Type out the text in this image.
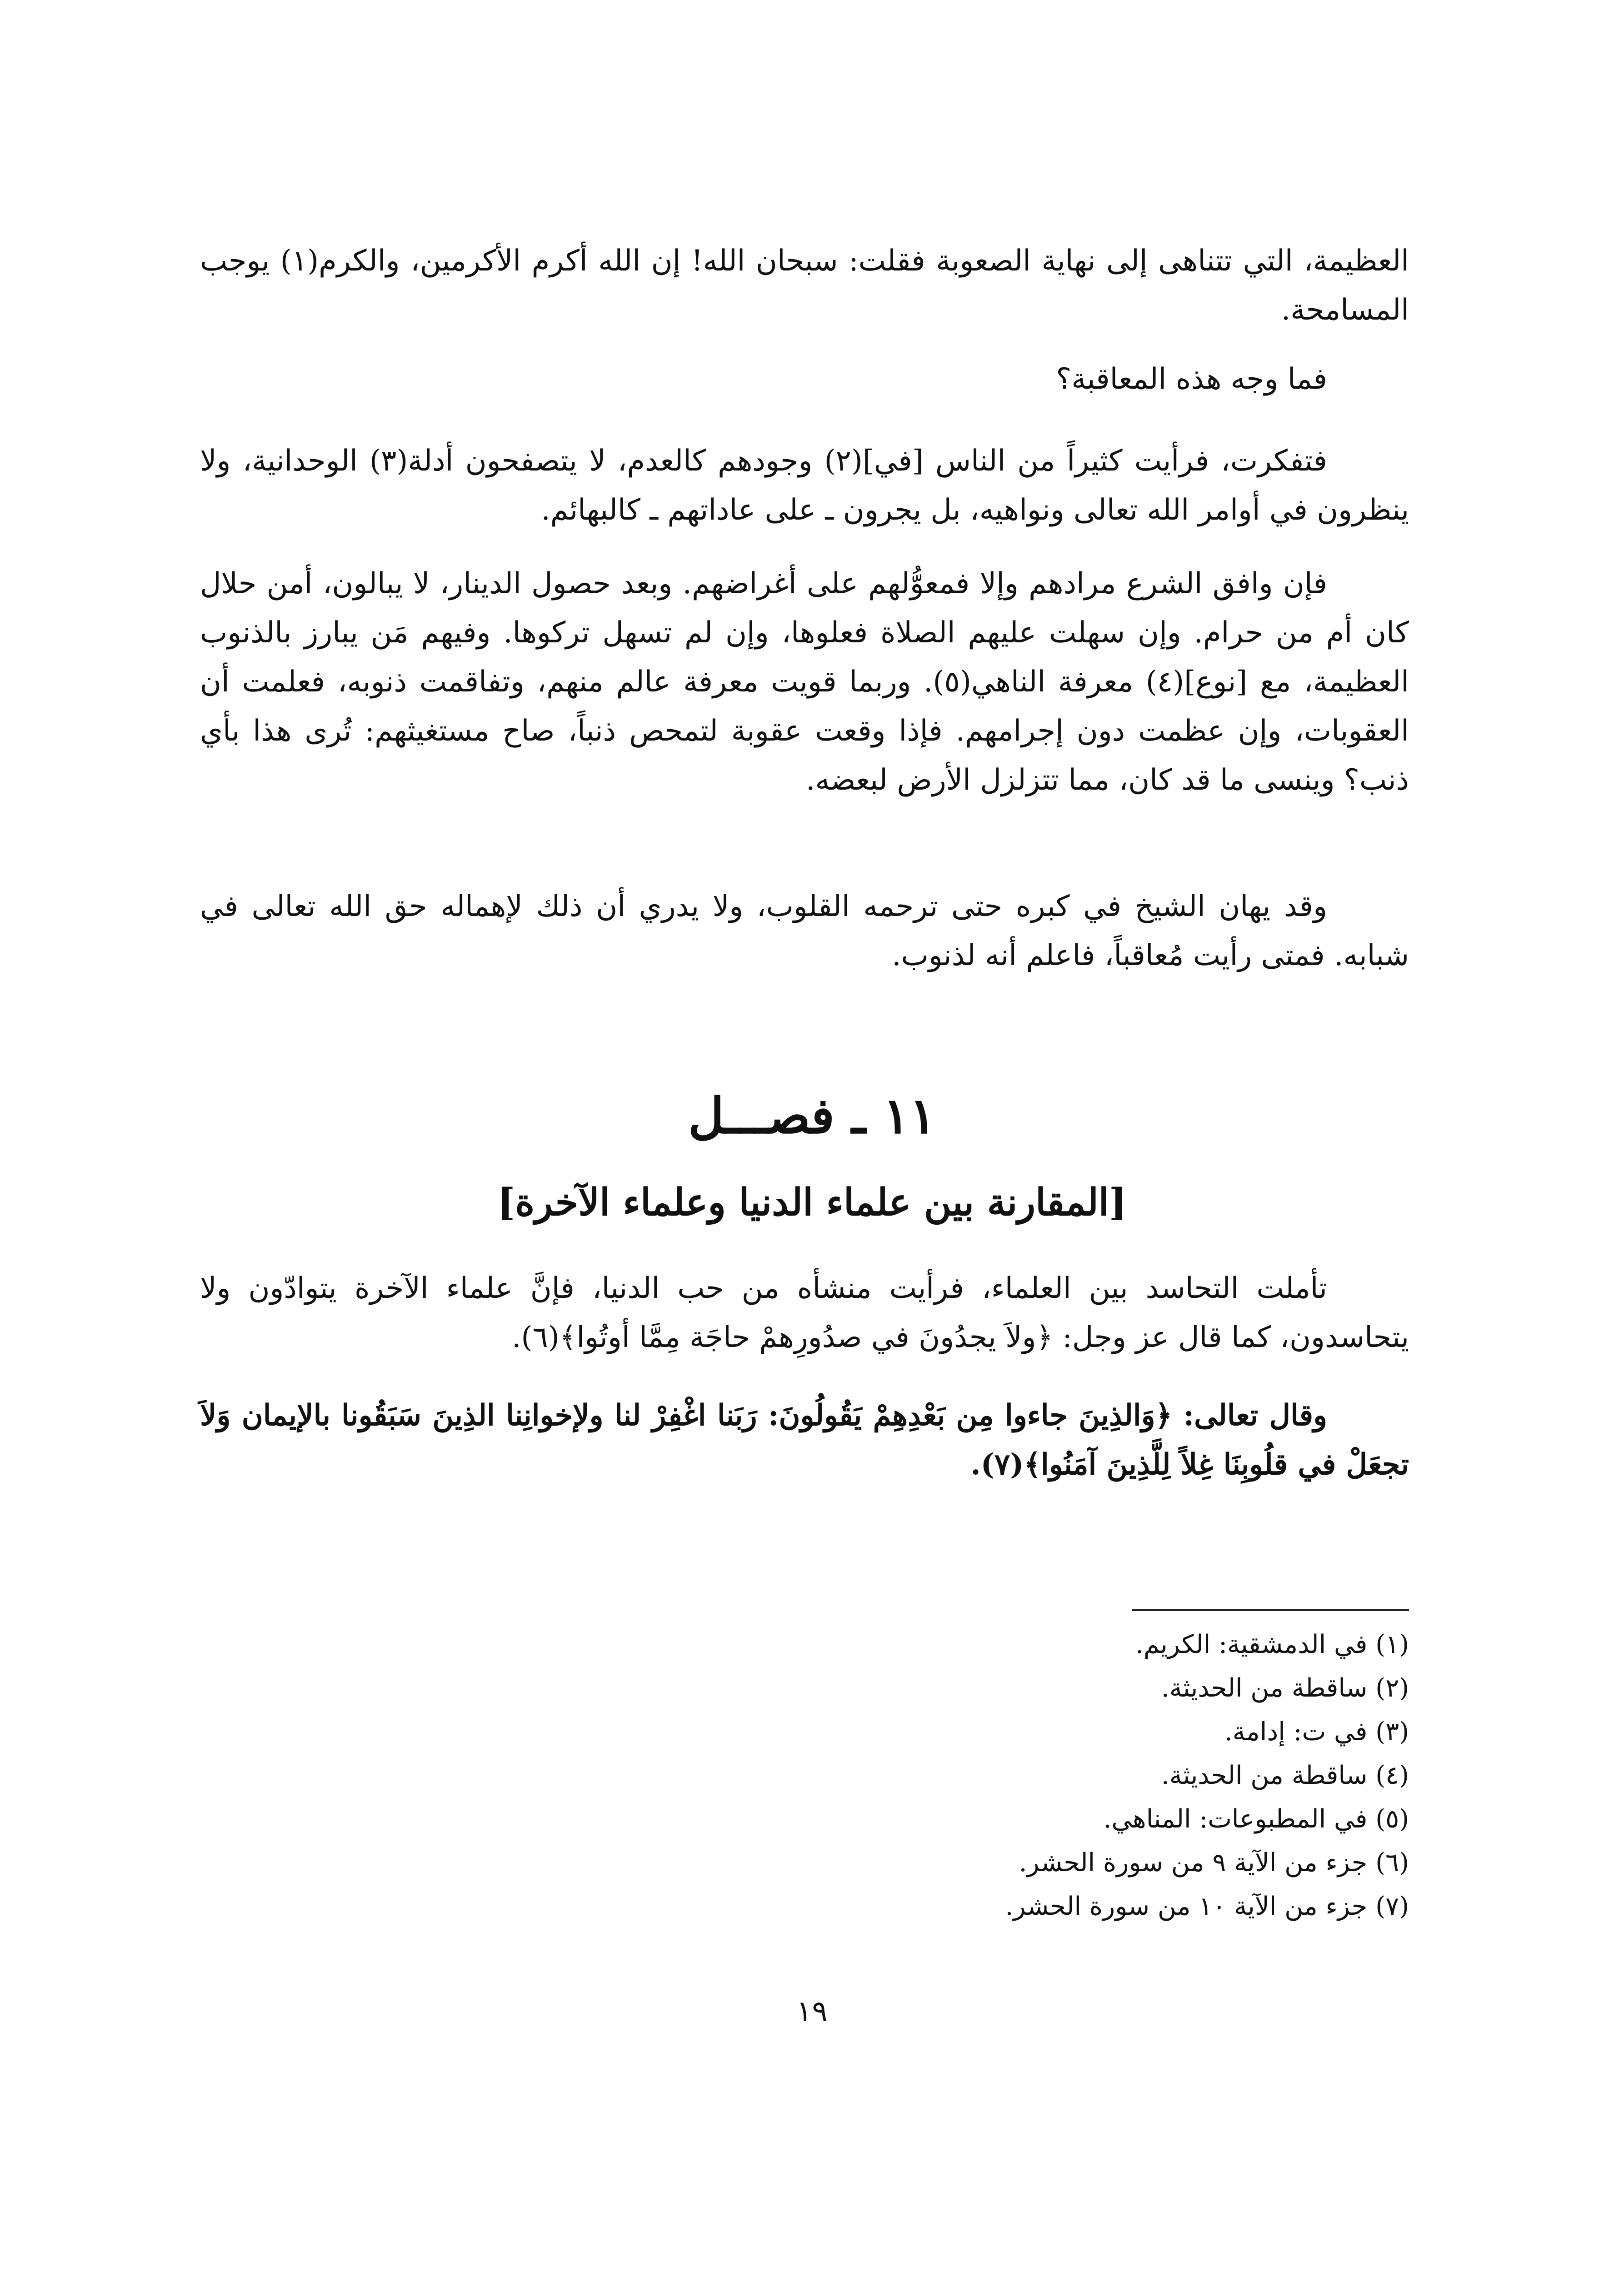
العظيمة، التي تتناهى إلى نهاية الصعوبة فقلت: سبحان الله! إن الله أكرم الأكرمين، والكرم(١) يوجب المسامحة.
فما وجه هذه المعاقبة؟
فتفكرت، فرأيت كثيراً من الناس [في](٢) وجودهم كالعدم، لا يتصفحون أدلة(٣) الوحدانية، ولا ينظرون في أوامر الله تعالى ونواهيه، بل يجرون ـ على عاداتهم ـ كالبهائم.
فإن وافق الشرع مرادهم وإلا فمعوُّلهم على أغراضهم. وبعد حصول الدينار، لا يبالون، أمن حلال كان أم من حرام. وإن سهلت عليهم الصلاة فعلوها، وإن لم تسهل تركوها. وفيهم مَن يبارز بالذنوب العظيمة، مع [نوع](٤) معرفة الناهي(٥). وربما قويت معرفة عالم منهم، وتفاقمت ذنوبه، فعلمت أن العقوبات، وإن عظمت دون إجرامهم. فإذا وقعت عقوبة لتمحص ذنباً، صاح مستغيثهم: تُرى هذا بأي ذنب؟ وينسى ما قد كان، مما تتزلزل الأرض لبعضه.
وقد يهان الشيخ في كبره حتى ترحمه القلوب، ولا يدري أن ذلك لإهماله حق الله تعالى في شبابه. فمتى رأيت مُعاقباً، فاعلم أنه لذنوب.
١١ ـ فصـــل
[المقارنة بين علماء الدنيا وعلماء الآخرة]
تأملت التحاسد بين العلماء، فرأيت منشأه من حب الدنيا، فإنَّ علماء الآخرة يتوادّون ولا يتحاسدون، كما قال عز وجل: ﴿ولاَ يجدُونَ في صدُورِهمْ حاجَة مِمَّا أوتُوا﴾(٦).
وقال تعالى: ﴿وَالذِينَ جاءوا مِن بَعْدِهِمْ يَقُولُونَ: رَبَنا اغْفِرْ لنا ولإخوانِنا الذِينَ سَبَقُونا بالإيمان وَلاَ تجعَلْ في قلُوبِنَا غِلاً لِلَّذِينَ آمَنُوا﴾(٧).
(١) في الدمشقية: الكريم.
(٢) ساقطة من الحديثة.
(٣) في ت: إدامة.
(٤) ساقطة من الحديثة.
(٥) في المطبوعات: المناهي.
(٦) جزء من الآية ٩ من سورة الحشر.
(٧) جزء من الآية ١٠ من سورة الحشر.
١٩
